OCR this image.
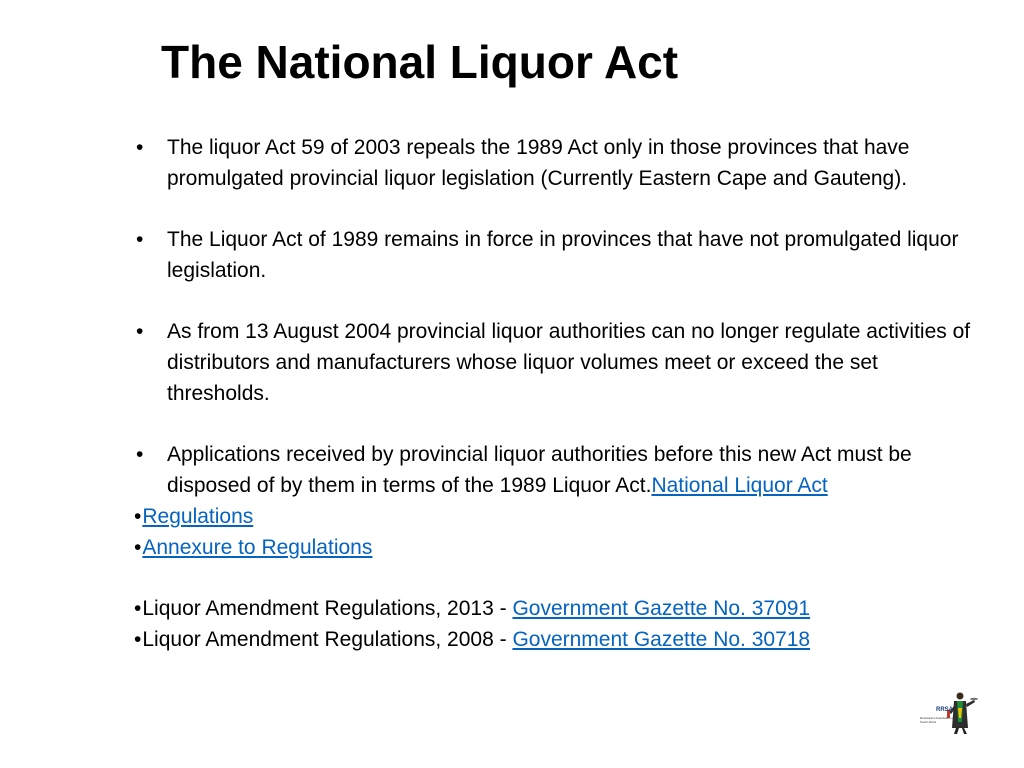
The National Liquor Act
• The liquor Act 59 of 2003 repeals the 1989 Act only in those provinces that have promulgated provincial liquor legislation (Currently Eastern Cape and Gauteng).
• The Liquor Act of 1989 remains in force in provinces that have not promulgated liquor legislation.
• As from 13 August 2004 provincial liquor authorities can no longer regulate activities of distributors and manufacturers whose liquor volumes meet or exceed the set thresholds.
• Applications received by provincial liquor authorities before this new Act must be disposed of by them in terms of the 1989 Liquor Act.National Liquor Act
•Regulations
•Annexure to Regulations
•Liquor Amendment Regulations, 2013 - Government Gazette No. 37091
•Liquor Amendment Regulations, 2008 - Government Gazette No. 30718
RRSA
Restaurant Association of South Africa
